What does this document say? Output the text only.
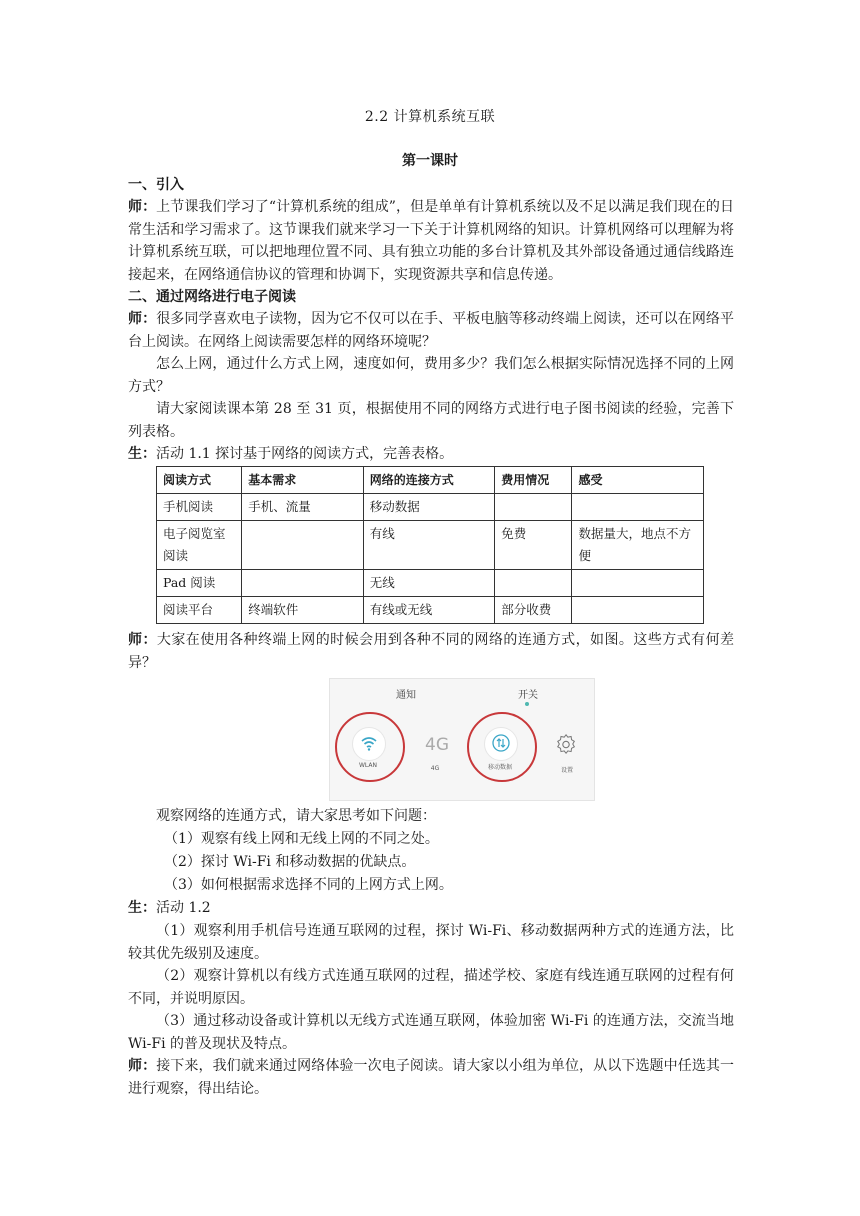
2.2 计算机系统互联
第一课时
一、引入
师：上节课我们学习了“计算机系统的组成”，但是单单有计算机系统以及不足以满足我们现在的日常生活和学习需求了。这节课我们就来学习一下关于计算机网络的知识。计算机网络可以理解为将计算机系统互联，可以把地理位置不同、具有独立功能的多台计算机及其外部设备通过通信线路连接起来，在网络通信协议的管理和协调下，实现资源共享和信息传递。
二、通过网络进行电子阅读
师：很多同学喜欢电子读物，因为它不仅可以在手、平板电脑等移动终端上阅读，还可以在网络平台上阅读。在网络上阅读需要怎样的网络环境呢？
怎么上网，通过什么方式上网，速度如何，费用多少？我们怎么根据实际情况选择不同的上网方式？
请大家阅读课本第 28 至 31 页，根据使用不同的网络方式进行电子图书阅读的经验，完善下列表格。
生：活动 1.1 探讨基于网络的阅读方式，完善表格。
阅读方式	基本需求	网络的连接方式	费用情况	感受
手机阅读	手机、流量	移动数据		
电子阅览室阅读		有线	免费	数据量大，地点不方便
Pad 阅读		无线		
阅读平台	终端软件	有线或无线	部分收费	
师：大家在使用各种终端上网的时候会用到各种不同的网络的连通方式，如图。这些方式有何差异？
通知	开关
WLAN
4G
4G	移动数据	设置
观察网络的连通方式，请大家思考如下问题：
（1）观察有线上网和无线上网的不同之处。
（2）探讨 Wi-Fi 和移动数据的优缺点。
（3）如何根据需求选择不同的上网方式上网。
生：活动 1.2
（1）观察利用手机信号连通互联网的过程，探讨 Wi-Fi、移动数据两种方式的连通方法，比较其优先级别及速度。
（2）观察计算机以有线方式连通互联网的过程，描述学校、家庭有线连通互联网的过程有何不同，并说明原因。
（3）通过移动设备或计算机以无线方式连通互联网，体验加密 Wi-Fi 的连通方法，交流当地 Wi-Fi 的普及现状及特点。
师：接下来，我们就来通过网络体验一次电子阅读。请大家以小组为单位，从以下选题中任选其一进行观察，得出结论。
